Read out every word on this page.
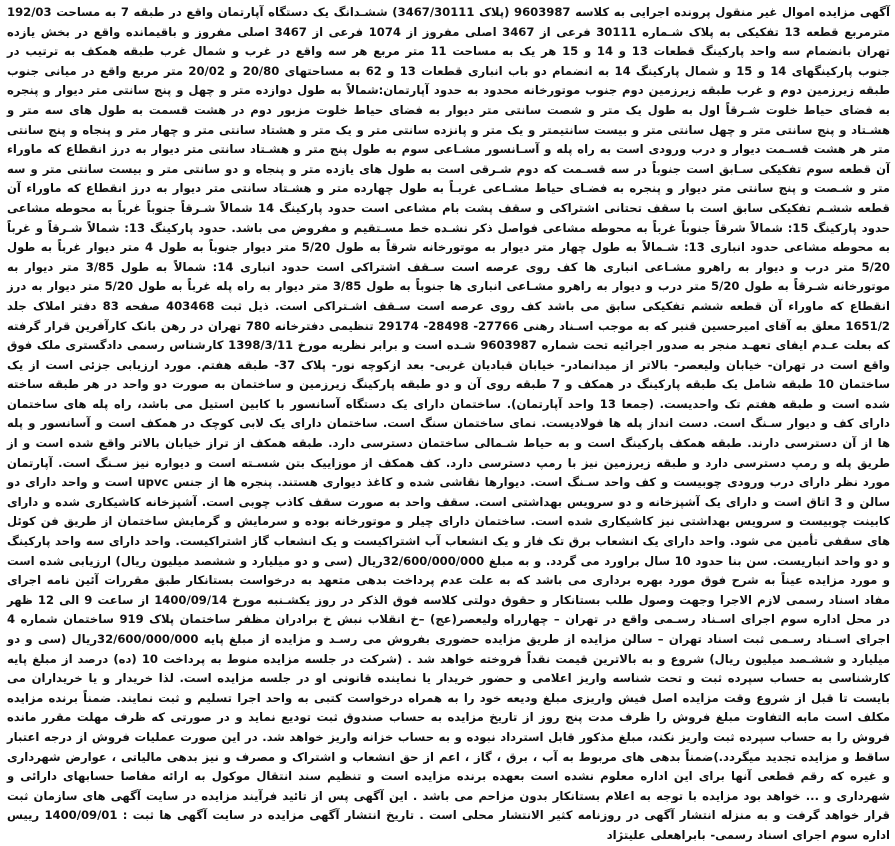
آگهی مزایده اموال غیر منقول پرونده اجرایی به کلاسه 9603987 (پلاک 3467/30111) ششـدانگ یک دستگاه آپارتمان واقع در طبقه 7 به مساحت 192/03 مترمربع قطعه 13 تفکیکی به پلاک شـماره 30111 فرعی از 3467 اصلی مفروز از 1074 فرعی از 3467 اصلی مفروز و باقیمانده واقع در بخش یازده تهران بانضمام سه واحد پارکینگ قطعات 13 و 14 و 15 هر یک به مساحت 11 متر مربع هر سه واقع در غرب و شمال غرب طبقه همکف به ترتیب در جنوب پارکینگهای 14 و 15 و شمال پارکینگ 14 به انضمام دو باب انباری قطعات 13 و 62 به مساحتهای 20/80 و 20/02 متر مربع واقع در میانی جنوب طبقه زیرزمین دوم و غرب طبقه زیرزمین دوم جنوب موتورخانه محدود به حدود آپارتمان:شمالاً به طول دوازده متر و چهل و پنج سانتی متر دیوار و پنجره به فضای حیاط خلوت شـرقاً اول به طول یک متر و شصت سانتی متر دیوار به فضای حیاط خلوت مزبور دوم در هشت قسمت به طول های سه متر و هشـتاد و پنج سانتی متر و چهل سانتی متر و بیست سانتیمتر و یک متر و پانزده سانتی متر و یک متر و هشتاد سانتی متر و چهار متر و پنجاه و پنج سانتی متر هر هشت قسـمت دیوار و درب ورودی است به راه پله و آسـانسور مشـاعی سوم به طول پنج متر و هشـتاد سانتی متر دیوار به درز انقطاع که ماوراء آن قطعه سوم تفکیکی سـابق است جنوباً در سه قسـمت که دوم شـرقی است به طول های یازده متر و پنجاه و دو سانتی متر و بیست سانتی متر و سه متر و شـصت و پنج سانتی متر دیوار و پنجره به فضـای حیاط مشـاعی غربـاً به طول چهارده متر و هشـتاد سانتی متر دیوار به درز انقطاع که ماوراء آن قطعه ششـم تفکیکی سابق است با سقف تحتانی اشتراکی و سقف پشت بام مشاعی است حدود پارکینگ 14 شمالاً شـرقاً جنوباً غرباً به محوطه مشاعی حدود پارکینگ 15: شمالاً شرقاً جنوباً غرباً به محوطه مشاعی فواصل ذکر نشـده خط مسـتقیم و مفروض می باشد. حدود پارکینگ 13: شمالاً شـرقاً و غرباً به محوطه مشاعی حدود انباری 13: شـمالاً به طول چهار متر دیوار به موتورخانه شرقاً به طول 5/20 متر دیوار جنوباً به طول 4 متر دیوار غرباً به طول 5/20 متر درب و دیوار به راهرو مشـاعی انباری ها کف روی عرصه است سـقف اشتراکی است حدود انباری 14: شمالاً به طول 3/85 متر دیوار به موتورخانه شـرقاً به طول 5/20 متر درب و دیوار به راهرو مشـاعی انباری ها جنوباً به طول 3/85 متر دیوار به راه پله غرباً به طول 5/20 متر دیوار به درز انقطاع که ماوراء آن قطعه ششم تفکیکی سابق می باشد کف روی عرصه است سـقف اشـتراکی است. ذیل ثبت 403468 صفحه 83 دفتر املاک جلد 1651/2 معلق به آقای امیرحسین قنبر که به موجب اسـناد رهنی 27766- 28498- 29174 تنظیمی دفترخانه 780 تهران در رهن بانک کارآفرین قرار گرفته که بعلت عـدم ایفای تعهـد منجر به صدور اجرائیه تحت شماره 9603987 شـده است و برابر نظریه مورخ 1398/3/11 کارشناس رسمی دادگستری ملک فوق واقع است در تهران- خیابان ولیعصر- بالاتر از میدانمادر- خیابان قبادیان غربی- بعد ازکوچه نور- پلاک 37- طبقه هفتم. مورد ارزیابی جزئی است از یک ساختمان 10 طبقه شامل یک طبقه پارکینگ در همکف و 7 طبقه روی آن و دو طبقه پارکینگ زیرزمین و ساختمان به صورت دو واحد در هر طبقه ساخته شده است و طبقه هفتم تک واحدیست. (جمعا 13 واحد آپارتمان). ساختمان دارای یک دستگاه آسانسور با کابین استیل می باشد، راه پله های ساختمان دارای کف و دیوار سـنگ است. دست انداز پله ها فولادیست. نمای ساختمان سنگ است. ساختمان دارای یک لابی کوچک در همکف است و آسانسور و پله ها از آن دسترسی دارند. طبقه همکف پارکینگ است و به حیاط شـمالی ساختمان دسترسی دارد. طبقه همکف از تراز خیابان بالاتر واقع شده است و از طریق پله و رمپ دسترسی دارد و طبقه زیرزمین نیز با رمپ دسترسی دارد. کف همکف از موزاییک بتن شسـته است و دیواره نیز سـنگ است. آپارتمان مورد نظر دارای درب ورودی چوبیست و کف واحد سـنگ است. دیوارها نقاشی شده و کاغذ دیواری هستند. پنجره ها از جنس upvc است و واحد دارای دو سالن و 3 اتاق است و دارای یک آشپزخانه و دو سرویس بهداشتی است. سقف واحد به صورت سقف کاذب چوبی است. آشپزخانه کاشیکاری شده و دارای کابینت چوبیست و سرویس بهداشتی نیز کاشیکاری شده است. ساختمان دارای چیلر و موتورخانه بوده و سرمایش و گرمایش ساختمان از طریق فن کوئل های سقفی تأمین می شود. واحد دارای یک انشعاب برق تک فاز و یک انشعاب آب اشتراکیست و یک انشعاب گاز اشتراکیست. واحد دارای سه واحد پارکینگ و دو واحد انباریست. سن بنا حدود 10 سال براورد می گردد. و به مبلغ 32/600/000/000ریال (سی و دو میلیارد و ششصد میلیون ریال) ارزیابی شده است و مورد مزایده عیناً به شرح فوق مورد بهره برداری می باشد که به علت عدم پرداخت بدهی متعهد به درخواست بستانکار طبق مقررات آئین نامه اجرای مفاد اسناد رسمی لازم الاجرا وجهت وصول طلب بستانکار و حقوق دولتی کلاسه فوق الذکر در روز یکشـنبه مورخ 1400/09/14 از ساعت 9 الی 12 ظهر در محل اداره سوم اجرای اسـناد رسـمی واقع در تهران – چهارراه ولیعصر(عج) –خ انقلاب نبش خ برادران مظفر ساختمان پلاک 919 ساختمان شماره 4 اجرای اسـناد رسـمی ثبت اسناد تهران – سالن مزایده از طریق مزایده حضوری بفروش می رسـد و مزایده از مبلغ پایه 32/600/000/000ریال (سی و دو میلیارد و ششـصد میلیون ریال) شروع و به بالاترین قیمت نقداً فروخته خواهد شد . (شرکت در جلسه مزایده منوط به پرداخت 10 (ده) درصد از مبلغ پایه کارشناسی به حساب سپرده ثبت و تحت شناسه واریز اعلامی و حضور خریدار یا نماینده قانونی او در جلسه مزایده است. لذا خریدار و یا خریداران می بایست تا قبل از شروع وقت مزایده اصل فیش واریزی مبلغ ودیعه خود را به همراه درخواست کتبی به واحد اجرا تسلیم و ثبت نمایند. ضمناً برنده مزایده مکلف است مابه التفاوت مبلغ فروش را ظرف مدت پنج روز از تاریخ مزایده به حساب صندوق ثبت تودیع نماید و در صورتی که ظرف مهلت مقرر مانده فروش را به حساب سپرده ثبت واریز نکند، مبلغ مذکور قابل استرداد نبوده و به حساب خزانه واریز خواهد شد. در این صورت عملیات فروش از درجه اعتبار ساقط و مزایده تجدید میگردد.)ضمناً بدهی های مربوط به آب ، برق ، گاز ، اعم از حق انشعاب و اشتراک و مصرف و نیز بدهی مالیاتی ، عوارض شهرداری و غیره که رقم قطعی آنها برای این اداره معلوم نشده است بعهده برنده مزایده است و تنظیم سند انتقال موکول به ارائه مفاصا حسابهای دارائی و شهرداری و ... خواهد بود مزایده با توجه به اعلام بستانکار بدون مزاحم می باشد . این آگهی پس از تائید فرآیند مزایده در سایت آگهی های سازمان ثبت قرار خواهد گرفت و به منزله انتشار آگهی در روزنامه کثیر الانتشار محلی است . تاریخ انتشار آگهی مزایده در سایت آگهی ها ثبت : 1400/09/01 رییس اداره سوم اجرای اسناد رسمی- بابراهعلی علیتژاد
